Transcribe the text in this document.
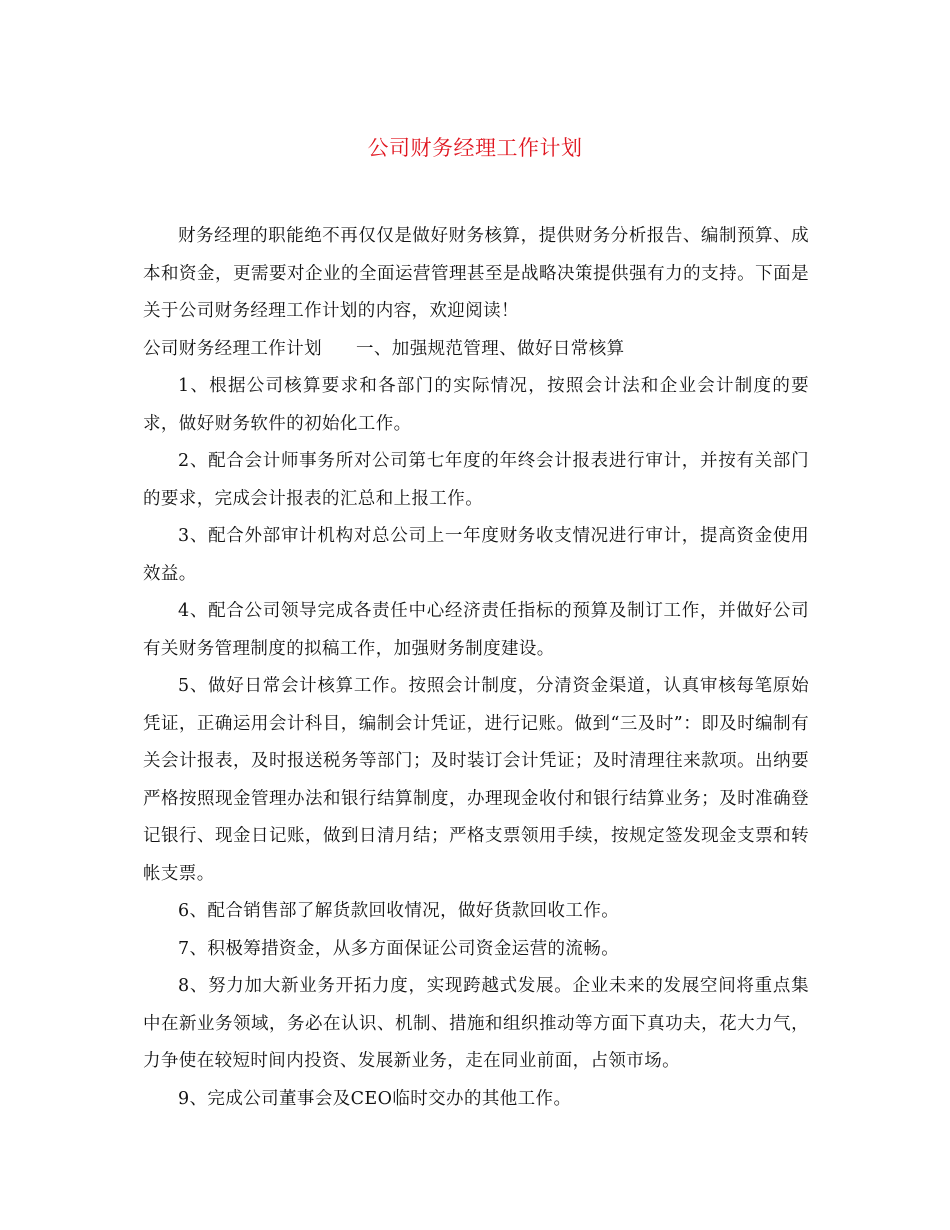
公司财务经理工作计划

财务经理的职能绝不再仅仅是做好财务核算，提供财务分析报告、编制预算、成本和资金，更需要对企业的全面运营管理甚至是战略决策提供强有力的支持。下面是关于公司财务经理工作计划的内容，欢迎阅读！

公司财务经理工作计划 一、加强规范管理、做好日常核算

1、根据公司核算要求和各部门的实际情况，按照会计法和企业会计制度的要求，做好财务软件的初始化工作。

2、配合会计师事务所对公司第七年度的年终会计报表进行审计，并按有关部门的要求，完成会计报表的汇总和上报工作。

3、配合外部审计机构对总公司上一年度财务收支情况进行审计，提高资金使用效益。

4、配合公司领导完成各责任中心经济责任指标的预算及制订工作，并做好公司有关财务管理制度的拟稿工作，加强财务制度建设。

5、做好日常会计核算工作。按照会计制度，分清资金渠道，认真审核每笔原始凭证，正确运用会计科目，编制会计凭证，进行记账。做到“三及时”：即及时编制有关会计报表，及时报送税务等部门；及时装订会计凭证；及时清理往来款项。出纳要严格按照现金管理办法和银行结算制度，办理现金收付和银行结算业务；及时准确登记银行、现金日记账，做到日清月结；严格支票领用手续，按规定签发现金支票和转帐支票。

6、配合销售部了解货款回收情况，做好货款回收工作。

7、积极筹措资金，从多方面保证公司资金运营的流畅。

8、努力加大新业务开拓力度，实现跨越式发展。企业未来的发展空间将重点集中在新业务领域，务必在认识、机制、措施和组织推动等方面下真功夫，花大力气，力争使在较短时间内投资、发展新业务，走在同业前面，占领市场。

9、完成公司董事会及CEO临时交办的其他工作。
